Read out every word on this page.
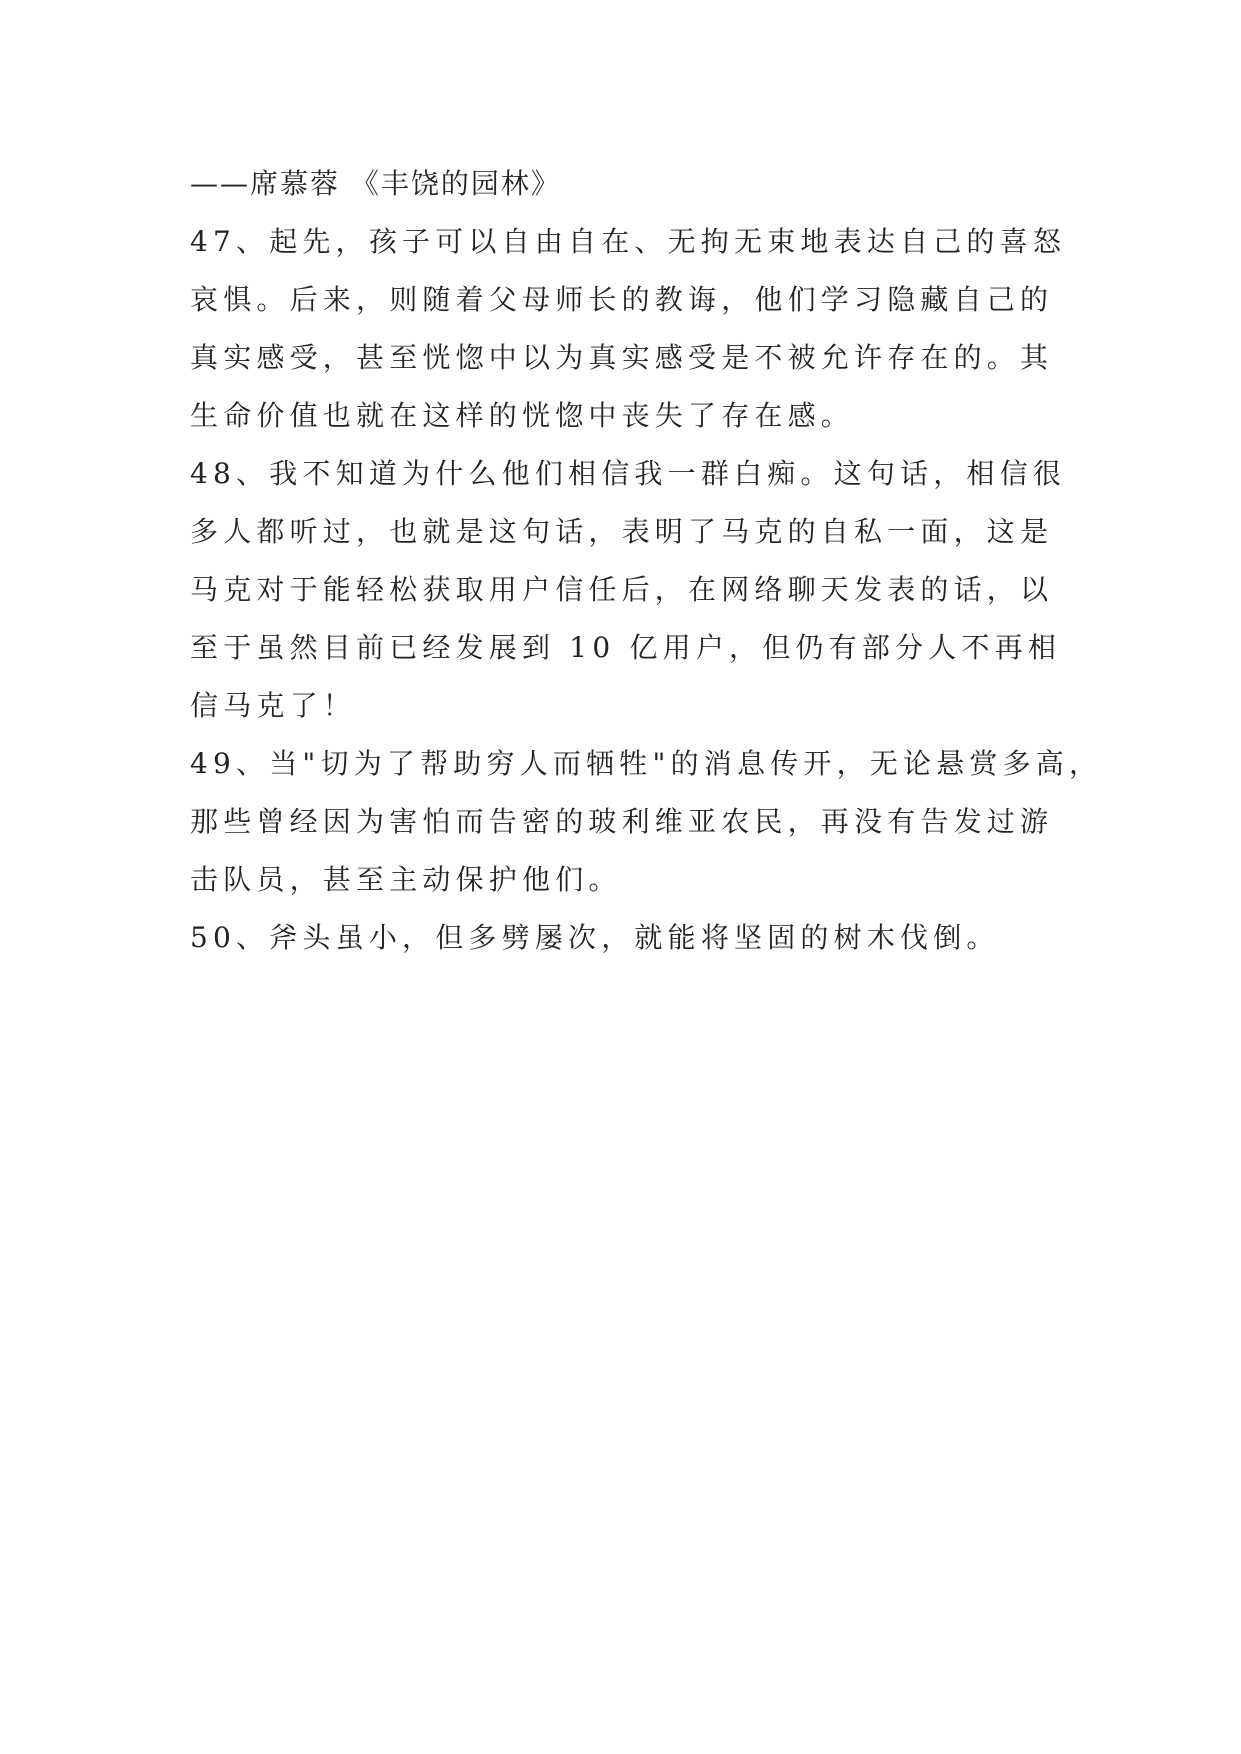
——席慕蓉 《丰饶的园林》
47、起先，孩子可以自由自在、无拘无束地表达自己的喜怒
哀惧。后来，则随着父母师长的教诲，他们学习隐藏自己的
真实感受，甚至恍惚中以为真实感受是不被允许存在的。其
生命价值也就在这样的恍惚中丧失了存在感。
48、我不知道为什么他们相信我一群白痴。这句话，相信很
多人都听过，也就是这句话，表明了马克的自私一面，这是
马克对于能轻松获取用户信任后，在网络聊天发表的话，以
至于虽然目前已经发展到 10 亿用户，但仍有部分人不再相
信马克了！
49、当"切为了帮助穷人而牺牲"的消息传开，无论悬赏多高，
那些曾经因为害怕而告密的玻利维亚农民，再没有告发过游
击队员，甚至主动保护他们。
50、斧头虽小，但多劈屡次，就能将坚固的树木伐倒。
